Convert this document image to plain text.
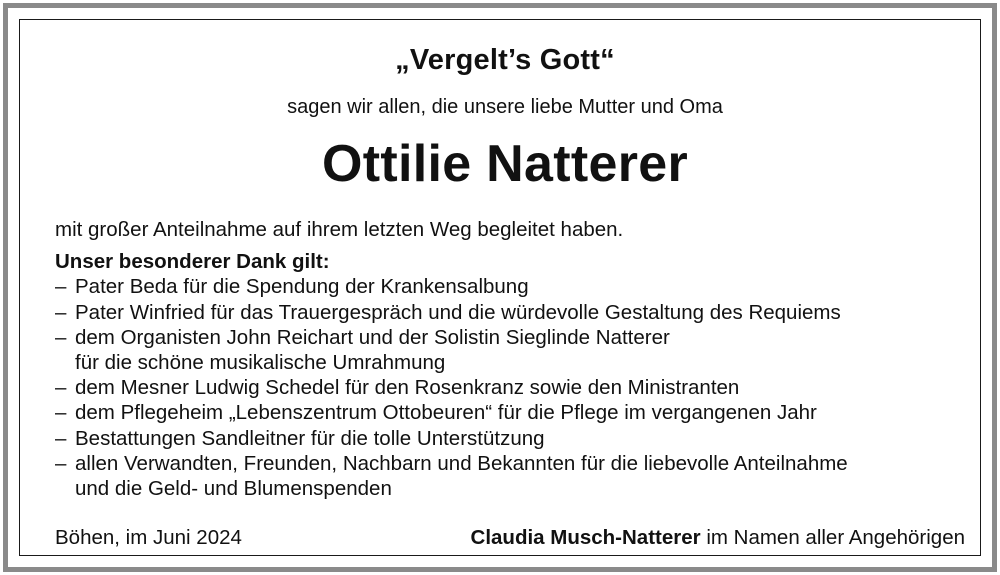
„Vergelt’s Gott“
sagen wir allen, die unsere liebe Mutter und Oma
Ottilie Natterer
mit großer Anteilnahme auf ihrem letzten Weg begleitet haben.
Unser besonderer Dank gilt:
– Pater Beda für die Spendung der Krankensalbung
– Pater Winfried für das Trauergespräch und die würdevolle Gestaltung des Requiems
– dem Organisten John Reichart und der Solistin Sieglinde Natterer
für die schöne musikalische Umrahmung
– dem Mesner Ludwig Schedel für den Rosenkranz sowie den Ministranten
– dem Pflegeheim „Lebenszentrum Ottobeuren“ für die Pflege im vergangenen Jahr
– Bestattungen Sandleitner für die tolle Unterstützung
– allen Verwandten, Freunden, Nachbarn und Bekannten für die liebevolle Anteilnahme
und die Geld- und Blumenspenden
Böhen, im Juni 2024	Claudia Musch-Natterer im Namen aller Angehörigen
